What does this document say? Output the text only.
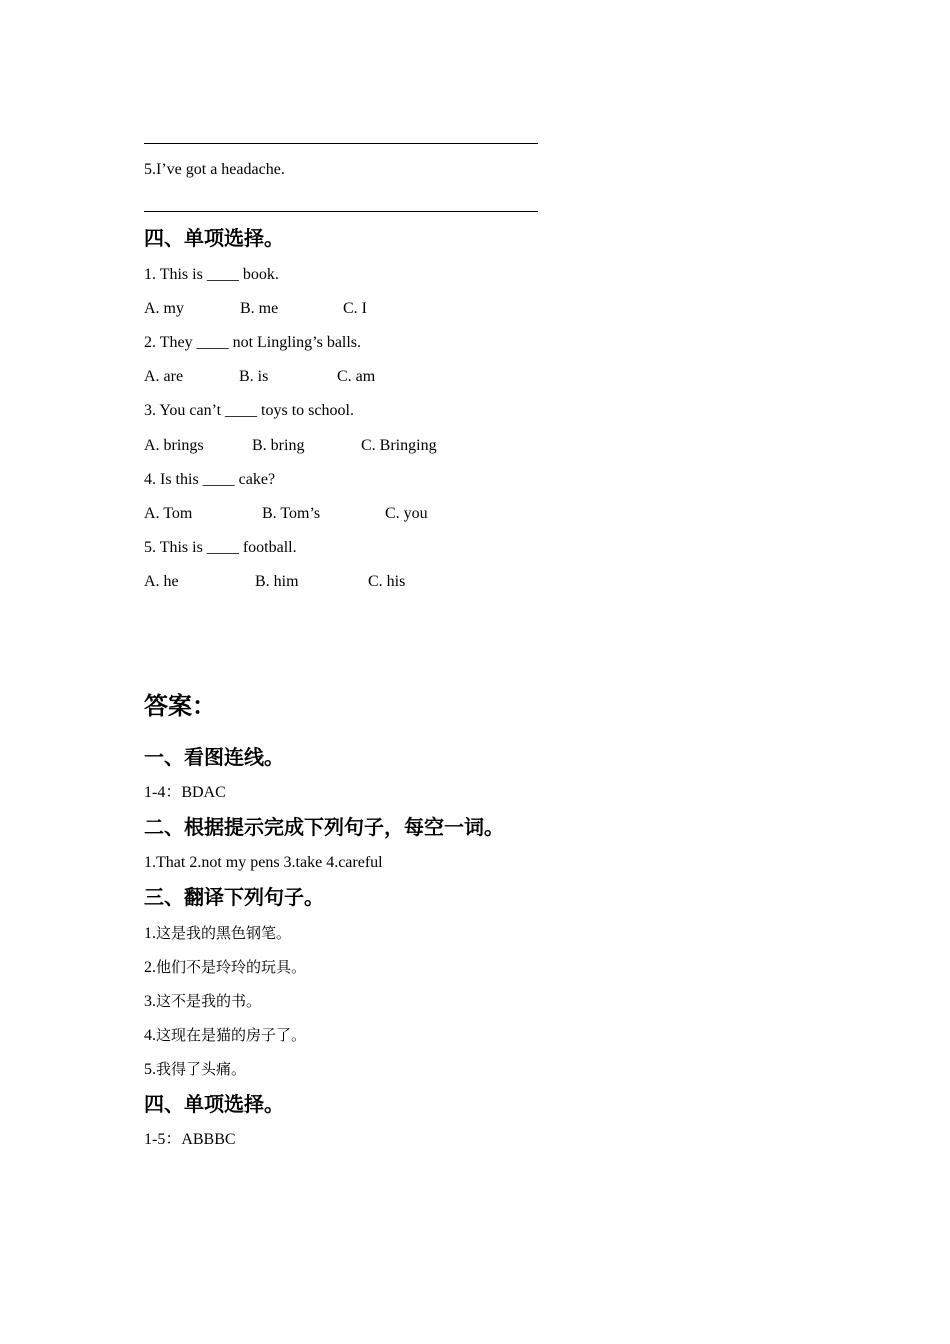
5.I’ve got a headache.
四、单项选择。
1. This is ____ book.
A. my	B. me	C. I
2. They ____ not Lingling’s balls.
A. are	B. is	C. am
3. You can’t ____ toys to school.
A. brings	B. bring	C. Bringing
4. Is this ____ cake?
A. Tom	B. Tom’s	C. you
5. This is ____ football.
A. he	B. him	C. his
答案：
一、看图连线。
1-4：BDAC
二、根据提示完成下列句子，每空一词。
1.That 2.not my pens 3.take 4.careful
三、翻译下列句子。
1.这是我的黑色钢笔。
2.他们不是玲玲的玩具。
3.这不是我的书。
4.这现在是猫的房子了。
5.我得了头痛。
四、单项选择。
1-5：ABBBC
